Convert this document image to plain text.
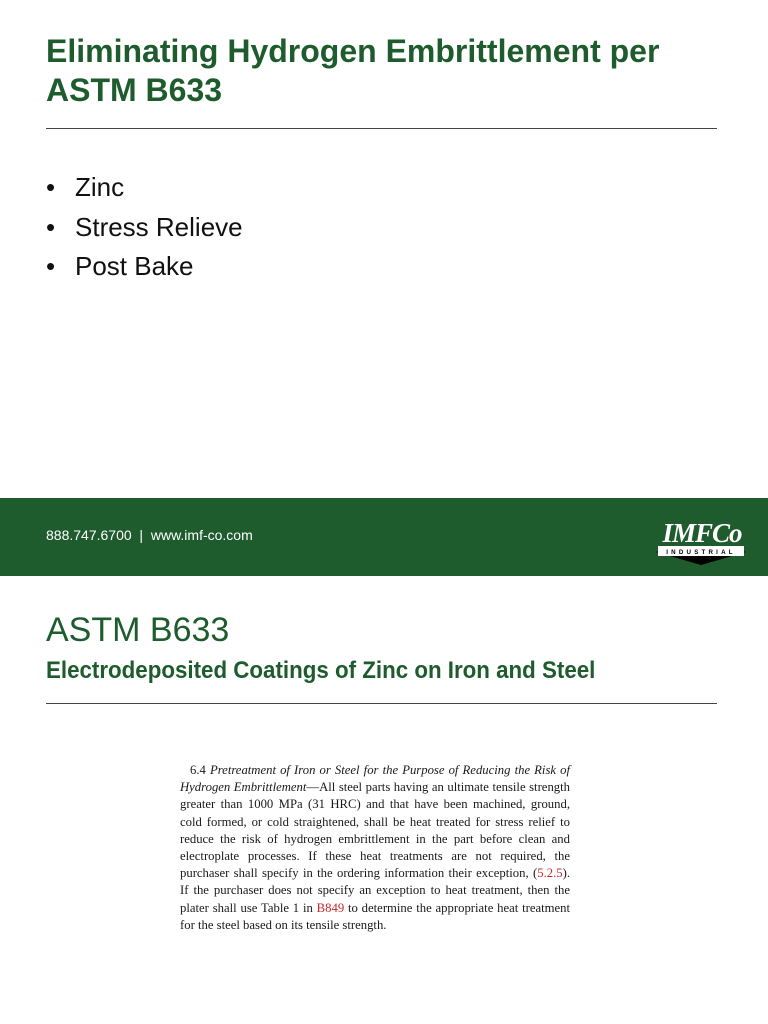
Eliminating Hydrogen Embrittlement per ASTM B633
• Zinc
• Stress Relieve
• Post Bake
888.747.6700 | www.imf-co.com
INDUSTRIAL
IMFCo
ASTM B633
Electrodeposited Coatings of Zinc on Iron and Steel

6.4 Pretreatment of Iron or Steel for the Purpose of Reducing the Risk of Hydrogen Embrittlement—All steel parts having an ultimate tensile strength greater than 1000 MPa (31 HRC) and that have been machined, ground, cold formed, or cold straightened, shall be heat treated for stress relief to reduce the risk of hydrogen embrittlement in the part before clean and electroplate processes. If these heat treatments are not required, the purchaser shall specify in the ordering information their exception, (5.2.5). If the purchaser does not specify an exception to heat treatment, then the plater shall use Table 1 in B849 to determine the appropriate heat treatment for the steel based on its tensile strength.
